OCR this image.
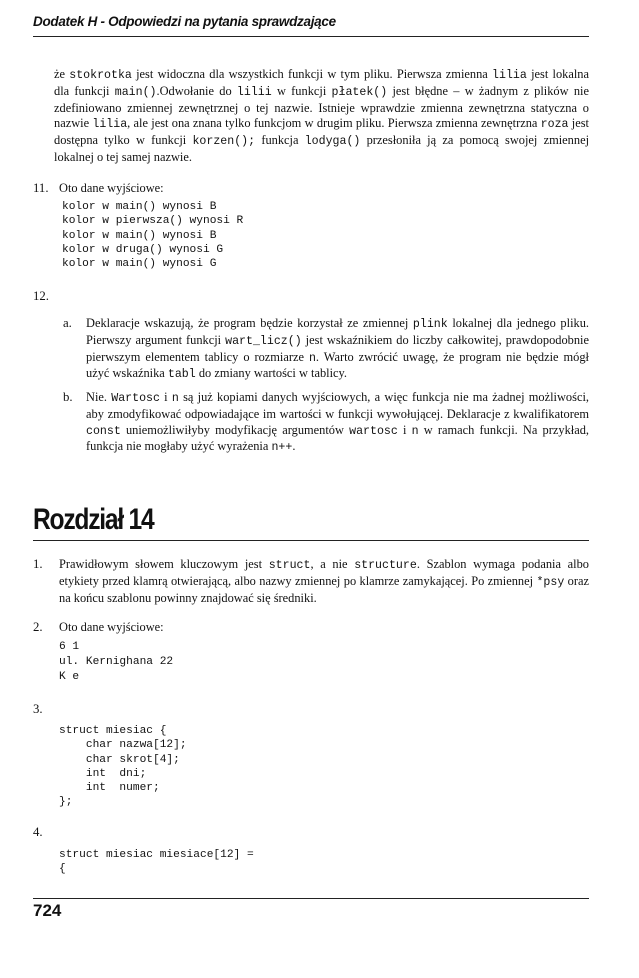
Dodatek H - Odpowiedzi na pytania sprawdzające
że stokrotka jest widoczna dla wszystkich funkcji w tym pliku. Pierwsza zmienna lilia jest lokalna dla funkcji main().Odwołanie do lilii w funkcji płatek() jest błędne – w żadnym z plików nie zdefiniowano zmiennej zewnętrznej o tej nazwie. Istnieje wprawdzie zmienna zewnętrzna statyczna o nazwie lilia, ale jest ona znana tylko funkcjom w drugim pliku. Pierwsza zmienna zewnętrzna roza jest dostępna tylko w funkcji korzen(); funkcja lodyga() przesłoniła ją za pomocą swojej zmiennej lokalnej o tej samej nazwie.
11. Oto dane wyjściowe:
kolor w main() wynosi B
kolor w pierwsza() wynosi R
kolor w main() wynosi B
kolor w druga() wynosi G
kolor w main() wynosi G
12.
a. Deklaracje wskazują, że program będzie korzystał ze zmiennej plink lokalnej dla jednego pliku. Pierwszy argument funkcji wart_licz() jest wskaźnikiem do liczby całkowitej, prawdopodobnie pierwszym elementem tablicy o rozmiarze n. Warto zwrócić uwagę, że program nie będzie mógł użyć wskaźnika tabl do zmiany wartości w tablicy.
b. Nie. Wartosc i n są już kopiami danych wyjściowych, a więc funkcja nie ma żadnej możliwości, aby zmodyfikować odpowiadające im wartości w funkcji wywołującej. Deklaracje z kwalifikatorem const uniemożliwiłyby modyfikację argumentów wartosc i n w ramach funkcji. Na przykład, funkcja nie mogłaby użyć wyrażenia n++.
Rozdział 14
1. Prawidłowym słowem kluczowym jest struct, a nie structure. Szablon wymaga podania albo etykiety przed klamrą otwierającą, albo nazwy zmiennej po klamrze zamykającej. Po zmiennej *psy oraz na końcu szablonu powinny znajdować się średniki.
2. Oto dane wyjściowe:
6 1
ul. Kernighana 22
K e
3.
struct miesiac {
char nazwa[12];
char skrot[4];
int  dni;
int  numer;
};
4.
struct miesiac miesiace[12] =
{
724
